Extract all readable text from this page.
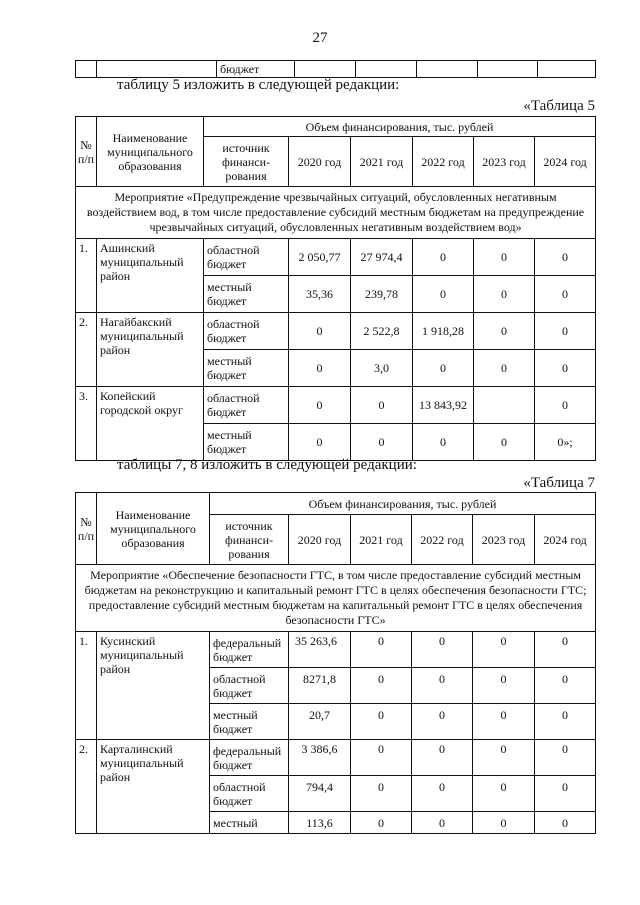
27
		бюджет					
таблицу 5 изложить в следующей редакции:
«Таблица 5
№ п/п	Наименование муниципального образования	Объем финансирования, тыс. рублей					
		источник финанси-рования	2020 год	2021 год	2022 год	2023 год	2024 год
Мероприятие «Предупреждение чрезвычайных ситуаций, обусловленных негативным воздействием вод, в том числе предоставление субсидий местным бюджетам на предупреждение чрезвычайных ситуаций, обусловленных негативным воздействием вод»							
1.	Ашинский муниципальный район	областной бюджет	2 050,77	27 974,4	0	0	0
		местный бюджет	35,36	239,78	0	0	0
2.	Нагайбакский муниципальный район	областной бюджет	0	2 522,8	1 918,28	0	0
		местный бюджет	0	3,0	0	0	0
3.	Копейский городской округ	областной бюджет	0	0	13 843,92		0
		местный бюджет	0	0	0	0	0»;
таблицы 7, 8 изложить в следующей редакции:
«Таблица 7
№ п/п	Наименование муниципального образования	Объем финансирования, тыс. рублей					
		источник финанси-рования	2020 год	2021 год	2022 год	2023 год	2024 год
Мероприятие «Обеспечение безопасности ГТС, в том числе предоставление субсидий местным бюджетам на реконструкцию и капитальный ремонт ГТС в целях обеспечения безопасности ГТС; предоставление субсидий местным бюджетам на капитальный ремонт ГТС в целях обеспечения безопасности ГТС»							
1.	Кусинский муниципальный район	федеральный бюджет	35 263,6	0	0	0	0
		областной бюджет	8271,8	0	0	0	0
		местный бюджет	20,7	0	0	0	0
2.	Карталинский муниципальный район	федеральный бюджет	3 386,6	0	0	0	0
		областной бюджет	794,4	0	0	0	0
		местный	113,6	0	0	0	0
